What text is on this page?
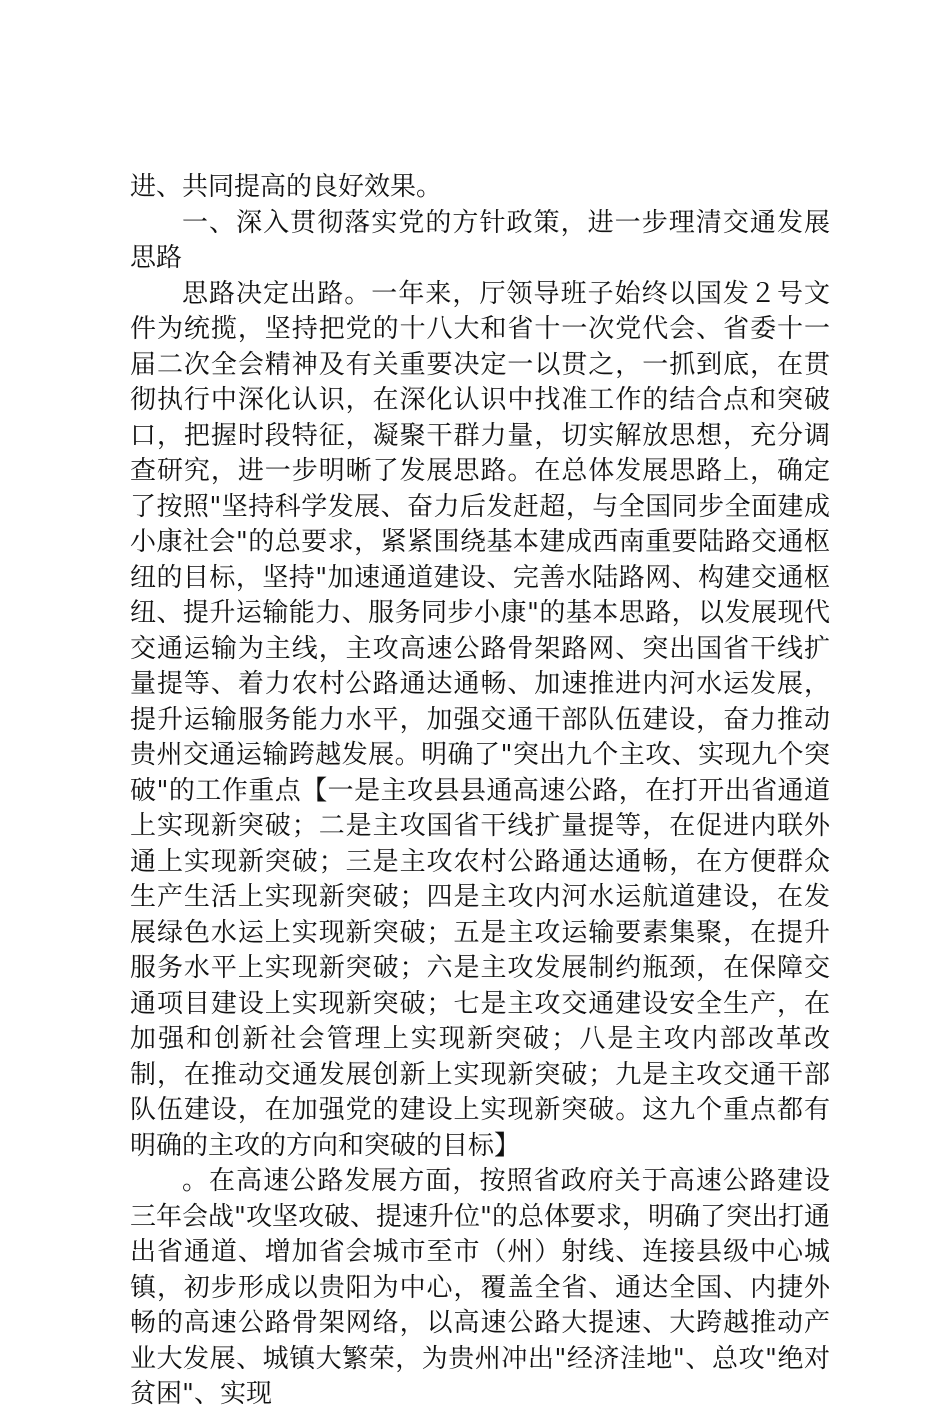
进、共同提高的良好效果。

一、深入贯彻落实党的方针政策，进一步理清交通发展思路

思路决定出路。一年来，厅领导班子始终以国发２号文件为统揽，坚持把党的十八大和省十一次党代会、省委十一届二次全会精神及有关重要决定一以贯之，一抓到底，在贯彻执行中深化认识，在深化认识中找准工作的结合点和突破口，把握时段特征，凝聚干群力量，切实解放思想，充分调查研究，进一步明晰了发展思路。在总体发展思路上，确定了按照"坚持科学发展、奋力后发赶超，与全国同步全面建成小康社会"的总要求，紧紧围绕基本建成西南重要陆路交通枢纽的目标，坚持"加速通道建设、完善水陆路网、构建交通枢纽、提升运输能力、服务同步小康"的基本思路，以发展现代交通运输为主线，主攻高速公路骨架路网、突出国省干线扩量提等、着力农村公路通达通畅、加速推进内河水运发展，提升运输服务能力水平，加强交通干部队伍建设，奋力推动贵州交通运输跨越发展。明确了"突出九个主攻、实现九个突破"的工作重点【一是主攻县县通高速公路，在打开出省通道上实现新突破；二是主攻国省干线扩量提等，在促进内联外通上实现新突破；三是主攻农村公路通达通畅，在方便群众生产生活上实现新突破；四是主攻内河水运航道建设，在发展绿色水运上实现新突破；五是主攻运输要素集聚，在提升服务水平上实现新突破；六是主攻发展制约瓶颈，在保障交通项目建设上实现新突破；七是主攻交通建设安全生产，在加强和创新社会管理上实现新突破；八是主攻内部改革改制，在推动交通发展创新上实现新突破；九是主攻交通干部队伍建设，在加强党的建设上实现新突破。这九个重点都有明确的主攻的方向和突破的目标】

。在高速公路发展方面，按照省政府关于高速公路建设三年会战"攻坚攻破、提速升位"的总体要求，明确了突出打通出省通道、增加省会城市至市（州）射线、连接县级中心城镇，初步形成以贵阳为中心，覆盖全省、通达全国、内捷外畅的高速公路骨架网络，以高速公路大提速、大跨越推动产业大发展、城镇大繁荣，为贵州冲出"经济洼地"、总攻"绝对贫困"、实现
